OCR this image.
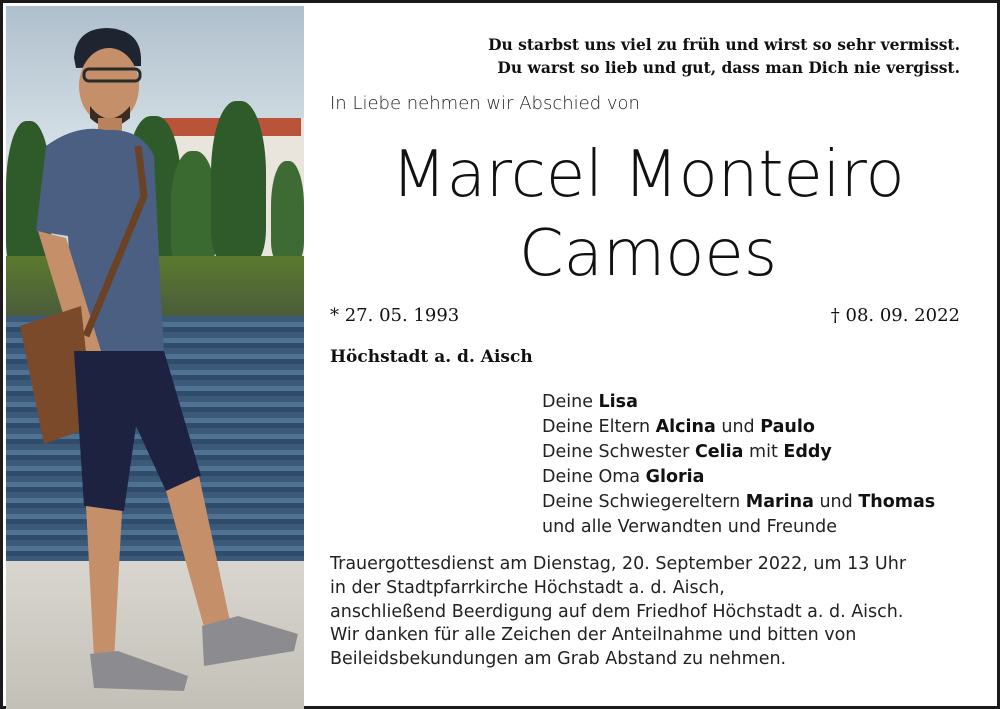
Du starbst uns viel zu früh und wirst so sehr vermisst.
Du warst so lieb und gut, dass man Dich nie vergisst.
In Liebe nehmen wir Abschied von
Marcel Monteiro
Camoes
* 27. 05. 1993	† 08. 09. 2022
Höchstadt a. d. Aisch
Deine Lisa
Deine Eltern Alcina und Paulo
Deine Schwester Celia mit Eddy
Deine Oma Gloria
Deine Schwiegereltern Marina und Thomas
und alle Verwandten und Freunde
Trauergottesdienst am Dienstag, 20. September 2022, um 13 Uhr
in der Stadtpfarrkirche Höchstadt a. d. Aisch,
anschließend Beerdigung auf dem Friedhof Höchstadt a. d. Aisch.
Wir danken für alle Zeichen der Anteilnahme und bitten von
Beileidsbekundungen am Grab Abstand zu nehmen.
